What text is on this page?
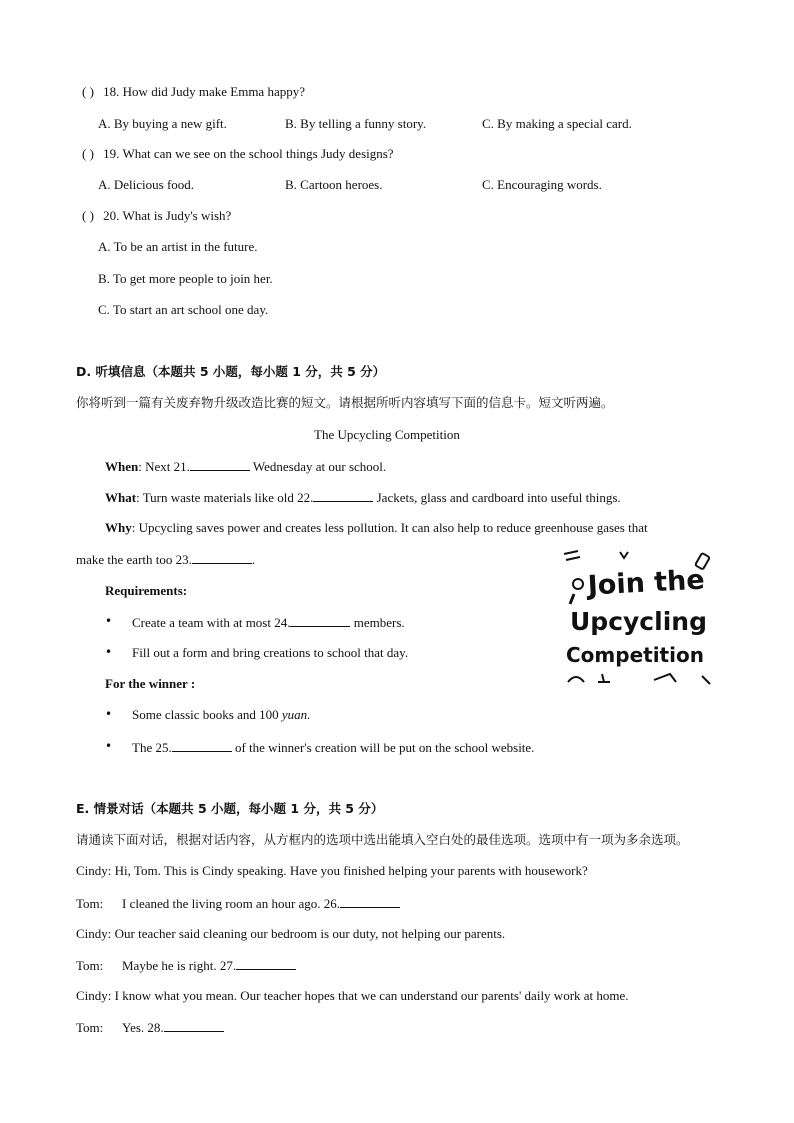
( ) 18. How did Judy make Emma happy?
A. By buying a new gift.	B. By telling a funny story.	C. By making a special card.
( ) 19. What can we see on the school things Judy designs?
A. Delicious food.	B. Cartoon heroes.	C. Encouraging words.
( ) 20. What is Judy's wish?
A. To be an artist in the future.
B. To get more people to join her.
C. To start an art school one day.
D. 听填信息（本题共 5 小题，每小题 1 分，共 5 分）
你将听到一篇有关废弃物升级改造比赛的短文。请根据所听内容填写下面的信息卡。短文听两遍。
The Upcycling Competition
When: Next 21.	Wednesday at our school.
What: Turn waste materials like old 22.	Jackets, glass and cardboard into useful things.
Why: Upcycling saves power and creates less pollution. It can also help to reduce greenhouse gases that
make the earth too 23.	.
Requirements:
• Create a team with at most 24.	members.
• Fill out a form and bring creations to school that day.
For the winner :
• Some classic books and 100 yuan.
• The 25.	of the winner's creation will be put on the school website.
Join the
Upcycling
Competition
E. 情景对话（本题共 5 小题，每小题 1 分，共 5 分）
请通读下面对话，根据对话内容，从方框内的选项中选出能填入空白处的最佳选项。选项中有一项为多余选项。
Cindy: Hi, Tom. This is Cindy speaking. Have you finished helping your parents with housework?
Tom: I cleaned the living room an hour ago. 26.
Cindy: Our teacher said cleaning our bedroom is our duty, not helping our parents.
Tom: Maybe he is right. 27.
Cindy: I know what you mean. Our teacher hopes that we can understand our parents' daily work at home.
Tom: Yes. 28.
